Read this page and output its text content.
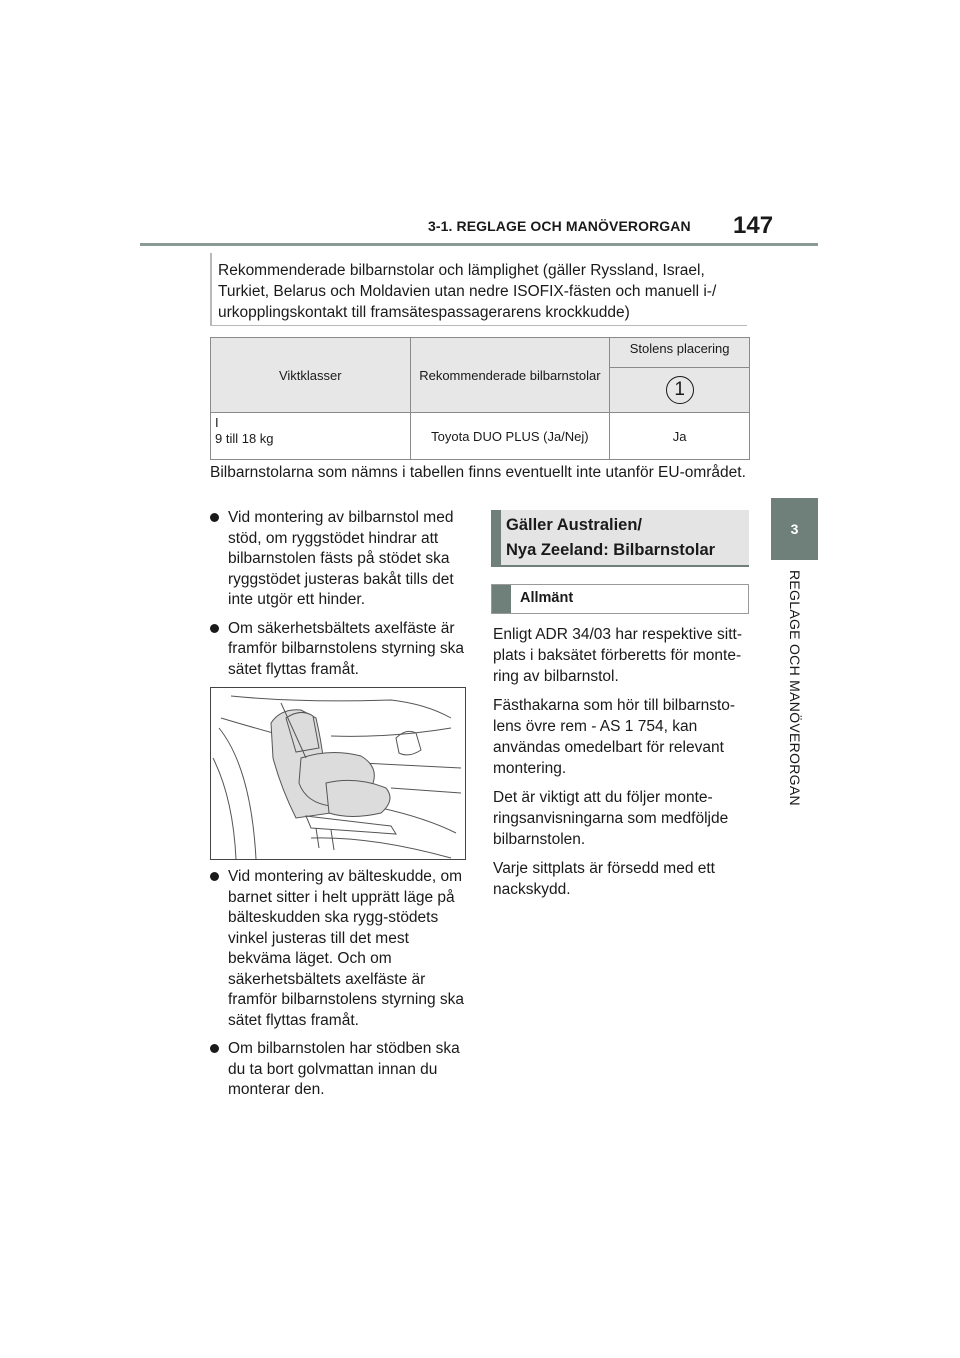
3-1. REGLAGE OCH MANÖVERORGAN 147
3
REGLAGE OCH MANÖVERORGAN

Rekommenderade bilbarnstolar och lämplighet (gäller Ryssland, Israel, Turkiet, Belarus och Moldavien utan nedre ISOFIX-fästen och manuell i-/ urkopplingskontakt till framsätespassagerarens krockkudde)

Viktklasser	Rekommenderade bilbarnstolar	Stolens placering
		1

I
9 till 18 kg	Toyota DUO PLUS (Ja/Nej)	Ja

Bilbarnstolarna som nämns i tabellen finns eventuellt inte utanför EU-området.

Vid montering av bilbarnstol med stöd, om ryggstödet hindrar att bilbarnstolen fästs på stödet ska ryggstödet justeras bakåt tills det inte utgör ett hinder.
Om säkerhetsbältets axelfäste är framför bilbarnstolens styrning ska sätet flyttas framåt.
Vid montering av bälteskudde, om barnet sitter i helt upprätt läge på bälteskudden ska rygg-stödets vinkel justeras till det mest bekväma läget. Och om säkerhetsbältets axelfäste är framför bilbarnstolens styrning ska sätet flyttas framåt.
Om bilbarnstolen har stödben ska du ta bort golvmattan innan du monterar den.
Gäller Australien/
Nya Zeeland: Bilbarnstolar
Allmänt

Enligt ADR 34/03 har respektive sitt-plats i baksätet förberetts för monte-ring av bilbarnstol.

Fästhakarna som hör till bilbarnsto-lens övre rem - AS 1 754, kan användas omedelbart för relevant montering.

Det är viktigt att du följer monte-ringsanvisningarna som medföljde bilbarnstolen.

Varje sittplats är försedd med ett nackskydd.
